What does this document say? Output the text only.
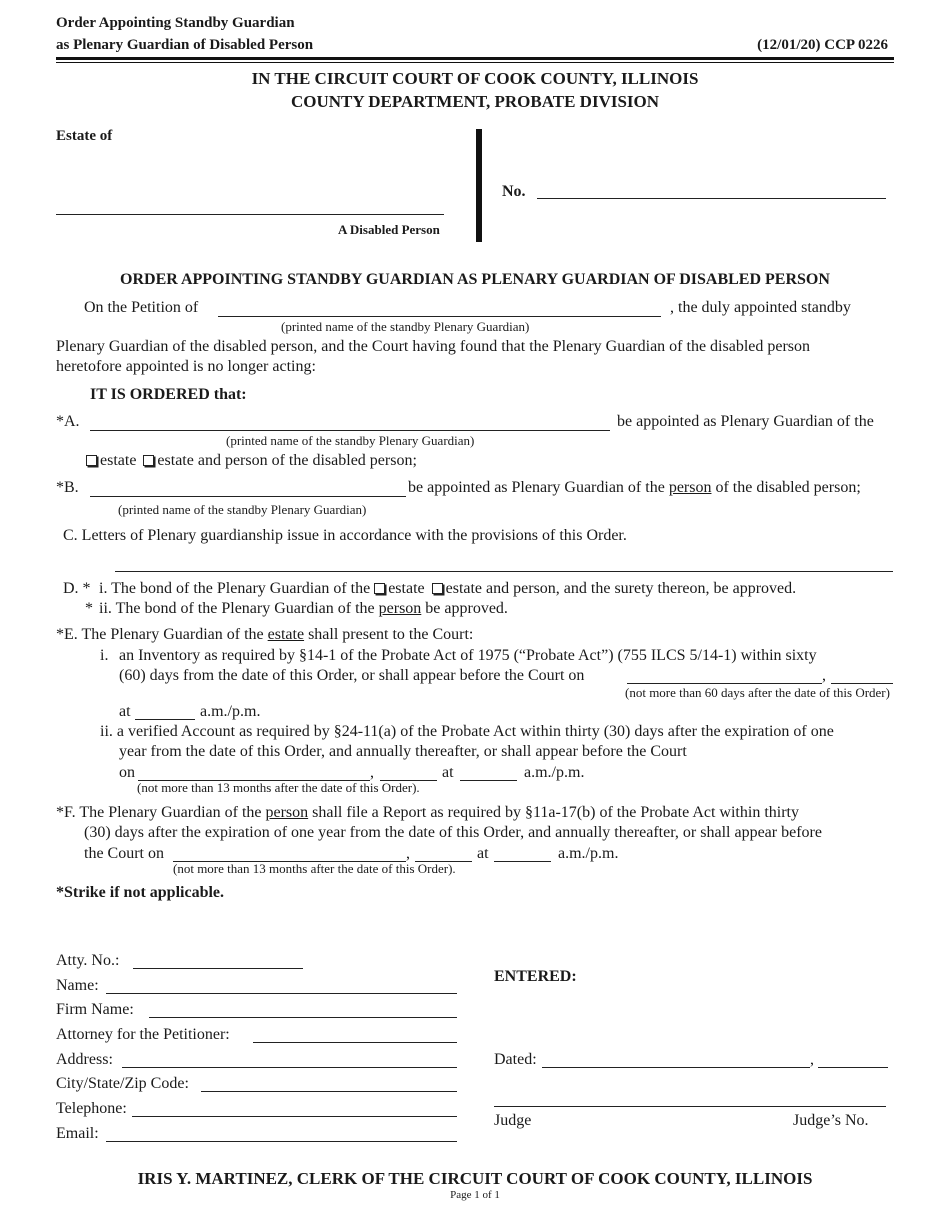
Order Appointing Standby Guardian
as Plenary Guardian of Disabled Person	(12/01/20) CCP 0226
IN THE CIRCUIT COURT OF COOK COUNTY, ILLINOIS
COUNTY DEPARTMENT, PROBATE DIVISION
Estate of
A Disabled Person
No.
ORDER APPOINTING STANDBY GUARDIAN AS PLENARY GUARDIAN OF DISABLED PERSON
On the Petition of	, the duly appointed standby
(printed name of the standby Plenary Guardian)
Plenary Guardian of the disabled person, and the Court having found that the Plenary Guardian of the disabled person
heretofore appointed is no longer acting:
IT IS ORDERED that:
*A.	be appointed as Plenary Guardian of the
(printed name of the standby Plenary Guardian)
estate estate and person of the disabled person;
*B.	be appointed as Plenary Guardian of the person of the disabled person;
(printed name of the standby Plenary Guardian)
C. Letters of Plenary guardianship issue in accordance with the provisions of this Order.
D. * i. The bond of the Plenary Guardian of the estate estate and person, and the surety thereon, be approved.
* ii. The bond of the Plenary Guardian of the person be approved.
*E. The Plenary Guardian of the estate shall present to the Court:
i. an Inventory as required by §14-1 of the Probate Act of 1975 (“Probate Act”) (755 ILCS 5/14-1) within sixty
(60) days from the date of this Order, or shall appear before the Court on	,
(not more than 60 days after the date of this Order)
at	a.m./p.m.
ii. a verified Account as required by §24-11(a) of the Probate Act within thirty (30) days after the expiration of one
year from the date of this Order, and annually thereafter, or shall appear before the Court
on	,	at	a.m./p.m.
(not more than 13 months after the date of this Order).
*F. The Plenary Guardian of the person shall file a Report as required by §11a-17(b) of the Probate Act within thirty
(30) days after the expiration of one year from the date of this Order, and annually thereafter, or shall appear before
the Court on	,	at	a.m./p.m.
(not more than 13 months after the date of this Order).
*Strike if not applicable.
Atty. No.:
Name:
Firm Name:
Attorney for the Petitioner:
Address:
City/State/Zip Code:
Telephone:
Email:
ENTERED:
Dated:	,
Judge	Judge’s No.
IRIS Y. MARTINEZ, CLERK OF THE CIRCUIT COURT OF COOK COUNTY, ILLINOIS
Page 1 of 1
